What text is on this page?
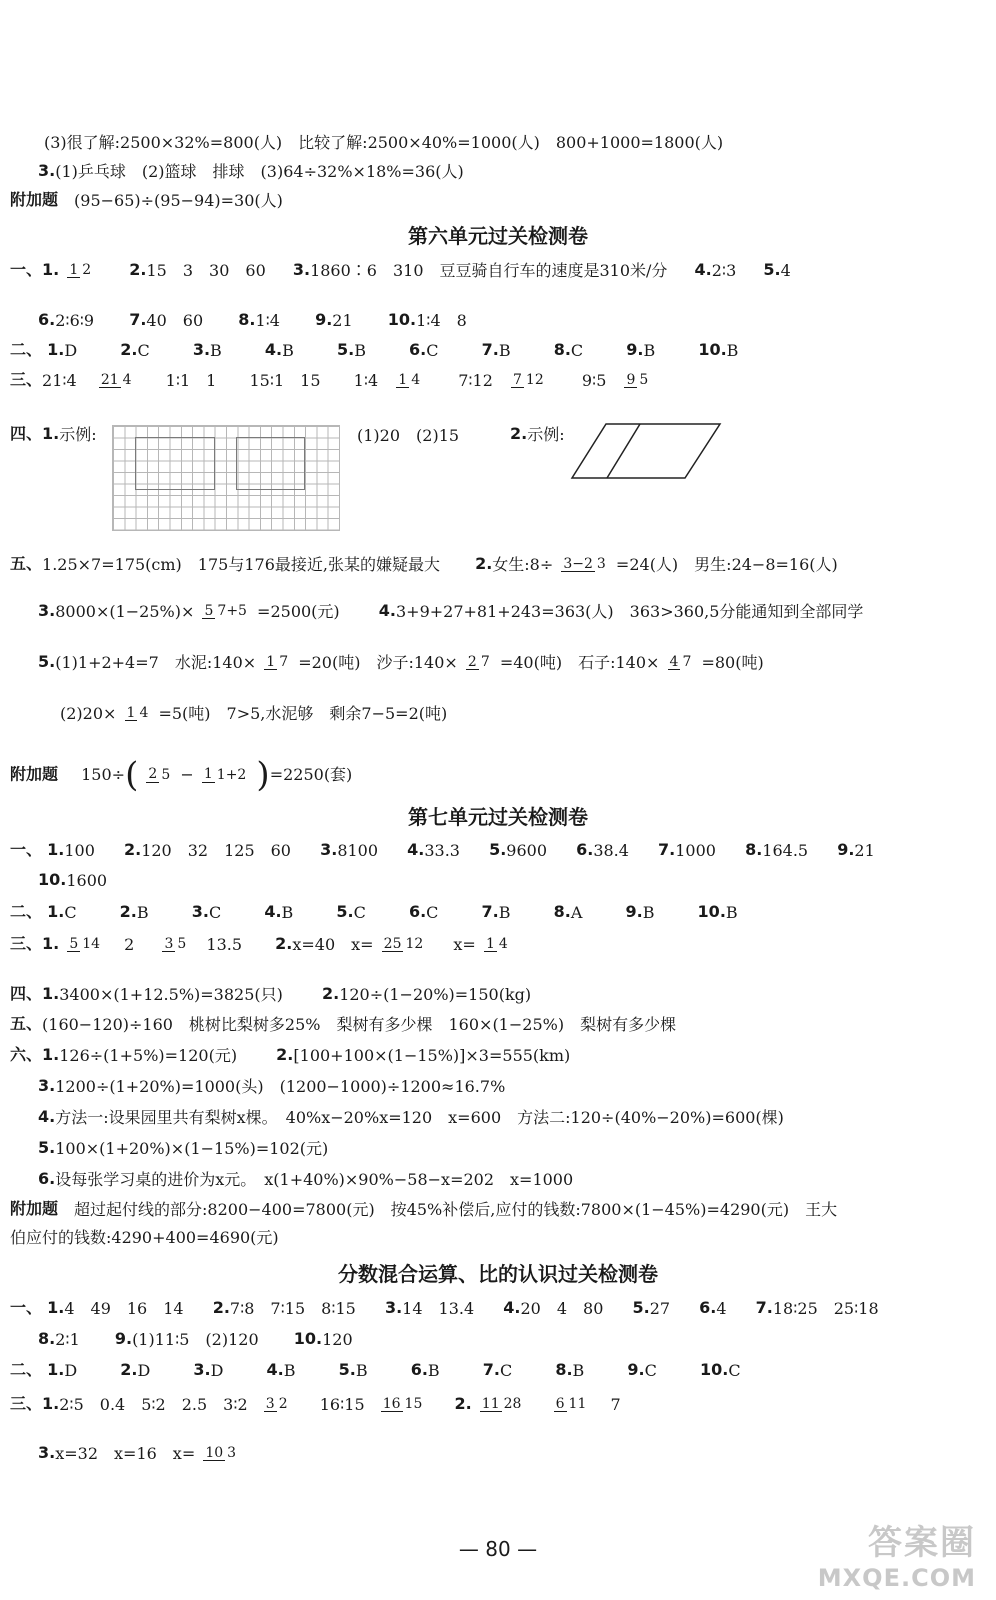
(3)很了解:2500×32%=800(人)　比较了解:2500×40%=1000(人)　800+1000=1800(人)
3.(1)乒乓球　(2)篮球　排球　(3)64÷32%×18%=36(人)
附加题 (95−65)÷(95−94)=30(人)
第六单元过关检测卷
一、1. 1 2 2.15　3　30　60 3.1860∶6　310　豆豆骑自行车的速度是310米/分 4.2∶3 5.4
6.2∶6∶9 7.40　60 8.1∶4 9.21 10.1∶4　8
二、 1.D	2.C	3.B	4.B	5.B	6.C	7.B	8.C	9.B	10.B
三、21∶4 21 4 1∶1　1 15∶1　15 1∶4 1 4 7∶12 7 12 9∶5 9 5
四、1.示例:	(1)20　(2)15	2.示例:
五、1.25×7=175(cm)　175与176最接近,张某的嫌疑最大 2.女生:8÷ 3−2 3 =24(人)　男生:24−8=16(人)
3.8000×(1−25%)× 5 7+5 =2500(元) 4.3+9+27+81+243=363(人)　363>360,5分能通知到全部同学
5.(1)1+2+4=7　水泥:140× 1 7 =20(吨)　沙子:140× 2 7 =40(吨)　石子:140× 4 7 =80(吨)
(2)20× 1 4 =5(吨)　7>5,水泥够　剩余7−5=2(吨)
附加题 150÷( 2 5 − 1 1+2 )=2250(套)
第七单元过关检测卷
一、 1.100 2.120　32　125　60 3.8100 4.33.3 5.9600 6.38.4 7.1000 8.164.5 9.21
10.1600
二、 1.C	2.B	3.C	4.B	5.C	6.C	7.B	8.A	9.B	10.B
三、1. 5 14 2 3 5 13.5 2.x=40　x= 25 12 x= 1 4
四、1.3400×(1+12.5%)=3825(只) 2.120÷(1−20%)=150(kg)
五、(160−120)÷160　桃树比梨树多25%　梨树有多少棵　160×(1−25%)　梨树有多少棵
六、1.126÷(1+5%)=120(元) 2.[100+100×(1−15%)]×3=555(km)
3.1200÷(1+20%)=1000(头)　(1200−1000)÷1200≈16.7%
4.方法一:设果园里共有梨树x棵。　40%x−20%x=120　x=600　方法二:120÷(40%−20%)=600(棵)
5.100×(1+20%)×(1−15%)=102(元)
6.设每张学习桌的进价为x元。　x(1+40%)×90%−58−x=202　x=1000
附加题 超过起付线的部分:8200−400=7800(元)　按45%补偿后,应付的钱数:7800×(1−45%)=4290(元)　王大
伯应付的钱数:4290+400=4690(元)
分数混合运算、比的认识过关检测卷
一、 1.4　49　16　14 2.7∶8　7∶15　8∶15 3.14　13.4 4.20　4　80 5.27 6.4 7.18∶25　25∶18
8.2∶1 9.(1)11∶5　(2)120 10.120
二、 1.D	2.D	3.D	4.B	5.B	6.B	7.C	8.B	9.C	10.C
三、1.2∶5　0.4　5∶2　2.5　3∶2 3 2 16∶15 16 15 2. 11 28 6 11 7
3.x=32　x=16　x= 10 3
— 80 —	答案圈
MXQE.COM
